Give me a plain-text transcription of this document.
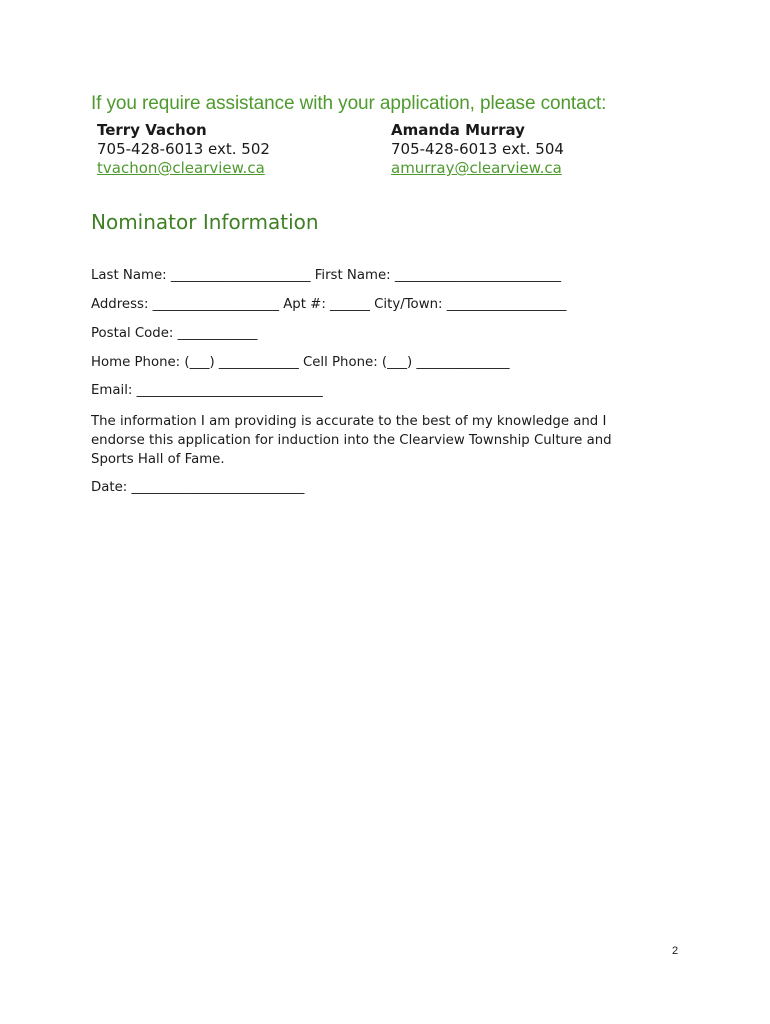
If you require assistance with your application, please contact:
Terry Vachon
705-428-6013 ext. 502
tvachon@clearview.ca
Amanda Murray
705-428-6013 ext. 504
amurray@clearview.ca
Nominator Information
Last Name: _____________________ First Name: _________________________
Address: ___________________ Apt #: ______ City/Town: __________________
Postal Code: ____________
Home Phone: (___) ____________ Cell Phone: (___) ______________
Email: ____________________________
The information I am providing is accurate to the best of my knowledge and I endorse this application for induction into the Clearview Township Culture and Sports Hall of Fame.
Date: __________________________
2
